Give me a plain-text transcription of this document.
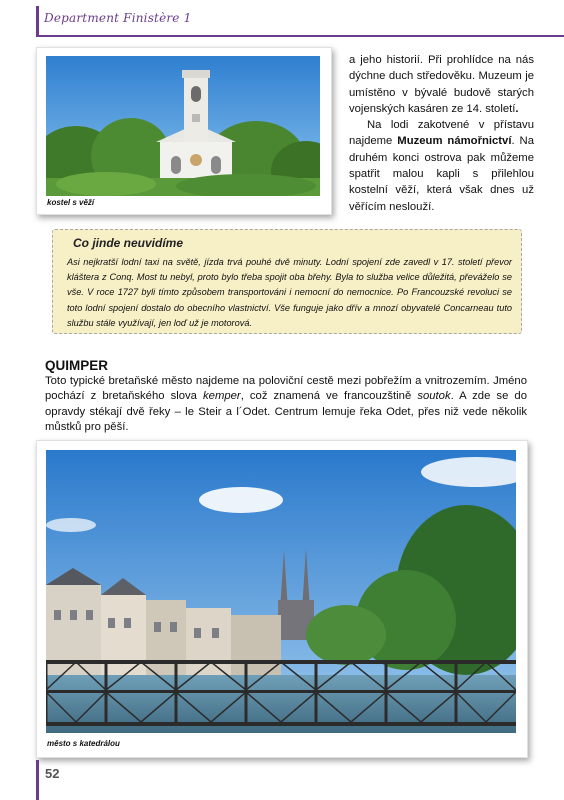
Department Finistère 1
kostel s věží

a jeho historií. Při prohlídce na nás dýchne duch středověku. Muzeum je umístěno v bývalé budově starých vojenských kasáren ze 14. století.

Na lodi zakotvené v přístavu najdeme Muzeum námořnictví. Na druhém konci ostrova pak můžeme spatřit malou kapli s přilehlou kostelní věží, která však dnes už věřícím neslouží.

Co jinde neuvidíme
Asi nejkratší lodní taxi na světě, jízda trvá pouhé dvě minuty. Lodní spojení zde zavedl v 17. století převor kláštera z Conq. Most tu nebyl, proto bylo třeba spojit oba břehy. Byla to služba velice důležitá, převáželo se vše. V roce 1727 byli tímto způsobem transportováni i nemocní do nemocnice. Po Francouzské revoluci se toto lodní spojení dostalo do obecního vlastnictví. Vše funguje jako dřív a mnozí obyvatelé Concarneau tuto službu stále využívají, jen loď už je motorová.
QUIMPER
Toto typické bretaňské město najdeme na poloviční cestě mezi pobřežím a vnitrozemím. Jméno pochází z bretaňského slova kemper, což znamená ve francouzštině soutok. A zde se do opravdy stékají dvě řeky – le Steir a l´Odet. Centrum lemuje řeka Odet, přes niž vede několik můstků pro pěší.
město s katedrálou
52
